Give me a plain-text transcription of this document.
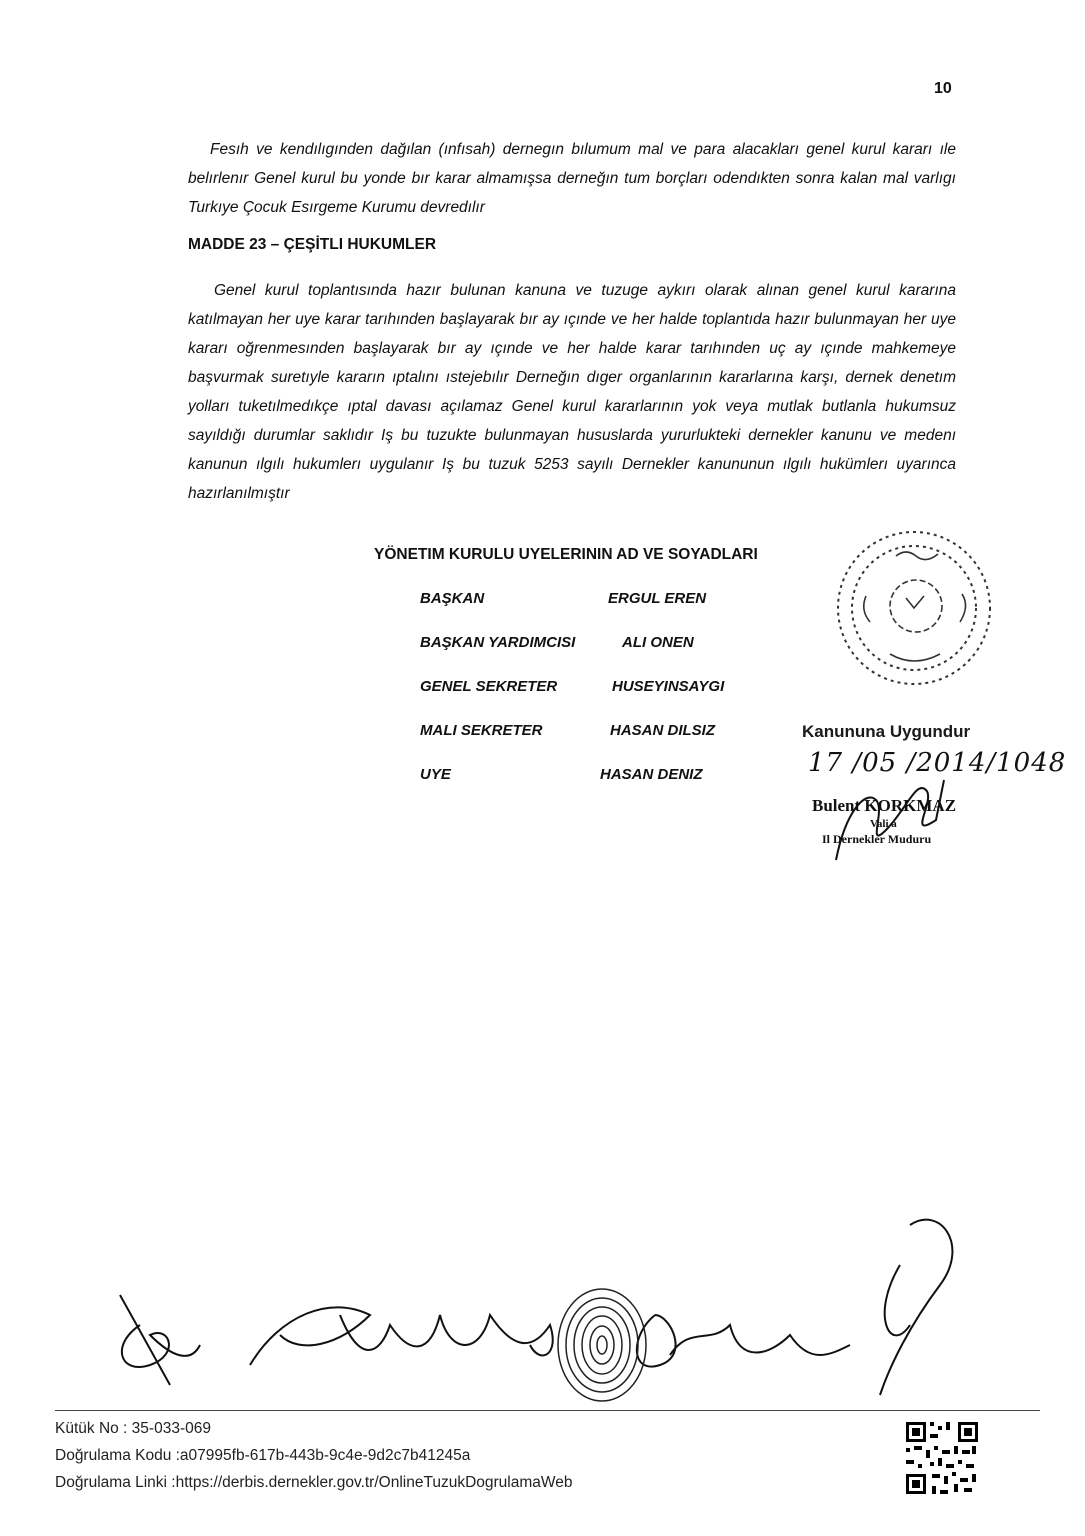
10

Fesıh ve kendılıgınden dağılan (ınfısah) dernegın bılumum mal ve para alacakları genel kurul kararı ıle belırlenır Genel kurul bu yonde bır karar almamışsa derneğın tum borçları odendıkten sonra kalan mal varlıgı Turkıye Çocuk Esırgeme Kurumu devredılır

MADDE 23 – ÇEŞİTLI HUKUMLER

Genel kurul toplantısında hazır bulunan kanuna ve tuzuge aykırı olarak alınan genel kurul kararına katılmayan her uye karar tarıhınden başlayarak bır ay ıçınde ve her halde toplantıda hazır bulunmayan her uye kararı oğrenmesınden başlayarak bır ay ıçınde ve her halde karar tarıhınden uç ay ıçınde mahkemeye başvurmak suretıyle kararın ıptalını ıstejebılır Derneğın dıger organlarının kararlarına karşı, dernek denetım yolları tuketılmedıkçe ıptal davası açılamaz Genel kurul kararlarının yok veya mutlak butlanla hukumsuz sayıldığı durumlar saklıdır Iş bu tuzukte bulunmayan hususlarda yururlukteki dernekler kanunu ve medenı kanunun ılgılı hukumlerı uygulanır Iş bu tuzuk 5253 sayılı Dernekler kanununun ılgılı hukümlerı uyarınca hazırlanılmıştır

YÖNETIM KURULU UYELERININ AD VE SOYADLARI
BAŞKAN	ERGUL EREN
BAŞKAN YARDIMCISI	ALI ONEN
GENEL SEKRETER	HUSEYINSAYGI
MALI SEKRETER	HASAN DILSIZ
UYE	HASAN DENIZ
Kanununa Uygundur
17 /05 /2014/1048
Bulent KORKMAZ
Vali a
Il Dernekler Muduru
Kütük No : 35-033-069
Doğrulama Kodu :a07995fb-617b-443b-9c4e-9d2c7b41245a
Doğrulama Linki :https://derbis.dernekler.gov.tr/OnlineTuzukDogrulamaWeb
